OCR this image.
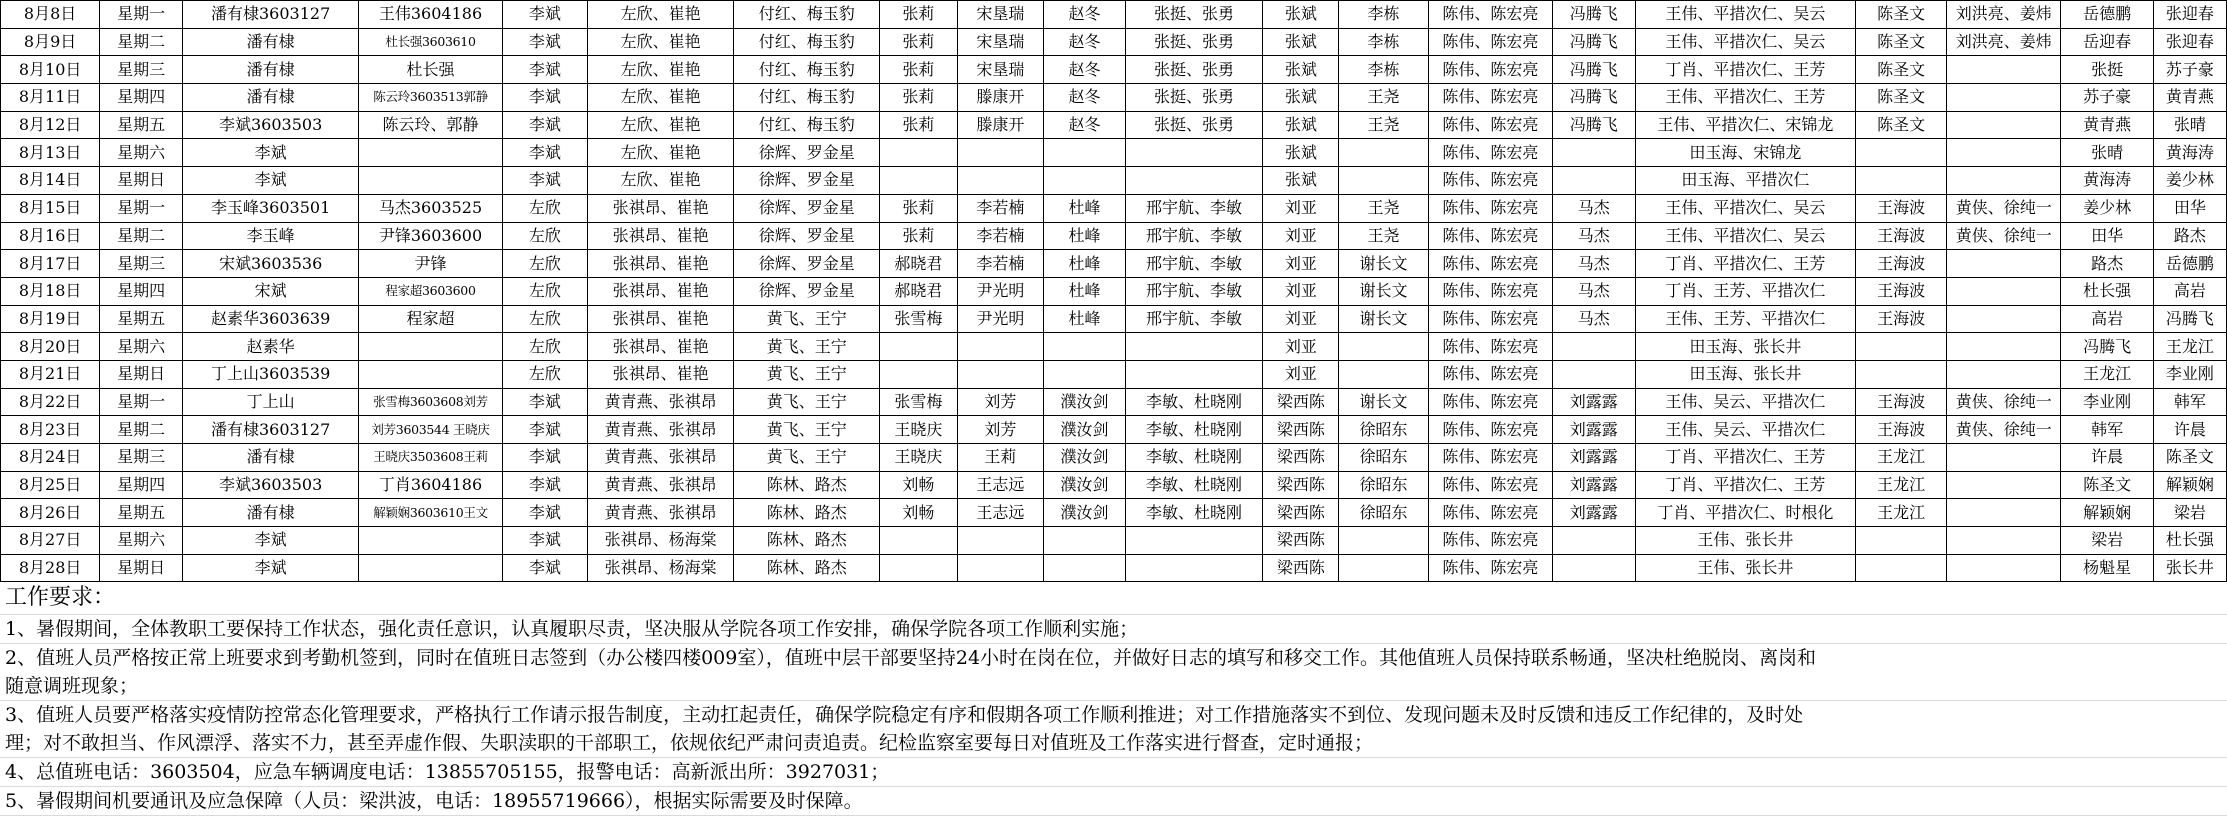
8月8日	星期一	潘有棣3603127	王伟3604186	李斌	左欣、崔艳	付红、梅玉豹	张莉	宋垦瑞	赵冬	张挺、张勇	张斌	李栋	陈伟、陈宏亮	冯腾飞	王伟、平措次仁、吴云	陈圣文	刘洪亮、姜炜	岳德鹏	张迎春
8月9日	星期二	潘有棣	杜长强3603610	李斌	左欣、崔艳	付红、梅玉豹	张莉	宋垦瑞	赵冬	张挺、张勇	张斌	李栋	陈伟、陈宏亮	冯腾飞	王伟、平措次仁、吴云	陈圣文	刘洪亮、姜炜	岳迎春	张迎春
8月10日	星期三	潘有棣	杜长强	李斌	左欣、崔艳	付红、梅玉豹	张莉	宋垦瑞	赵冬	张挺、张勇	张斌	李栋	陈伟、陈宏亮	冯腾飞	丁肖、平措次仁、王芳	陈圣文		张挺	苏子豪
8月11日	星期四	潘有棣	陈云玲3603513郭静	李斌	左欣、崔艳	付红、梅玉豹	张莉	滕康开	赵冬	张挺、张勇	张斌	王尧	陈伟、陈宏亮	冯腾飞	王伟、平措次仁、王芳	陈圣文		苏子豪	黄青燕
8月12日	星期五	李斌3603503	陈云玲、郭静	李斌	左欣、崔艳	付红、梅玉豹	张莉	滕康开	赵冬	张挺、张勇	张斌	王尧	陈伟、陈宏亮	冯腾飞	王伟、平措次仁、宋锦龙	陈圣文		黄青燕	张晴
8月13日	星期六	李斌		李斌	左欣、崔艳	徐辉、罗金星					张斌		陈伟、陈宏亮		田玉海、宋锦龙			张晴	黄海涛
8月14日	星期日	李斌		李斌	左欣、崔艳	徐辉、罗金星					张斌		陈伟、陈宏亮		田玉海、平措次仁			黄海涛	姜少林
8月15日	星期一	李玉峰3603501	马杰3603525	左欣	张祺昂、崔艳	徐辉、罗金星	张莉	李若楠	杜峰	邢宇航、李敏	刘亚	王尧	陈伟、陈宏亮	马杰	王伟、平措次仁、吴云	王海波	黄侠、徐纯一	姜少林	田华
8月16日	星期二	李玉峰	尹锋3603600	左欣	张祺昂、崔艳	徐辉、罗金星	张莉	李若楠	杜峰	邢宇航、李敏	刘亚	王尧	陈伟、陈宏亮	马杰	王伟、平措次仁、吴云	王海波	黄侠、徐纯一	田华	路杰
8月17日	星期三	宋斌3603536	尹锋	左欣	张祺昂、崔艳	徐辉、罗金星	郝晓君	李若楠	杜峰	邢宇航、李敏	刘亚	谢长文	陈伟、陈宏亮	马杰	丁肖、平措次仁、王芳	王海波		路杰	岳德鹏
8月18日	星期四	宋斌	程家超3603600	左欣	张祺昂、崔艳	徐辉、罗金星	郝晓君	尹光明	杜峰	邢宇航、李敏	刘亚	谢长文	陈伟、陈宏亮	马杰	丁肖、王芳、平措次仁	王海波		杜长强	高岩
8月19日	星期五	赵素华3603639	程家超	左欣	张祺昂、崔艳	黄飞、王宁	张雪梅	尹光明	杜峰	邢宇航、李敏	刘亚	谢长文	陈伟、陈宏亮	马杰	王伟、王芳、平措次仁	王海波		高岩	冯腾飞
8月20日	星期六	赵素华		左欣	张祺昂、崔艳	黄飞、王宁					刘亚		陈伟、陈宏亮		田玉海、张长井			冯腾飞	王龙江
8月21日	星期日	丁上山3603539		左欣	张祺昂、崔艳	黄飞、王宁					刘亚		陈伟、陈宏亮		田玉海、张长井			王龙江	李业刚
8月22日	星期一	丁上山	张雪梅3603608刘芳	李斌	黄青燕、张祺昂	黄飞、王宁	张雪梅	刘芳	濮汝剑	李敏、杜晓刚	梁西陈	谢长文	陈伟、陈宏亮	刘露露	王伟、吴云、平措次仁	王海波	黄侠、徐纯一	李业刚	韩军
8月23日	星期二	潘有棣3603127	刘芳3603544 王晓庆	李斌	黄青燕、张祺昂	黄飞、王宁	王晓庆	刘芳	濮汝剑	李敏、杜晓刚	梁西陈	徐昭东	陈伟、陈宏亮	刘露露	王伟、吴云、平措次仁	王海波	黄侠、徐纯一	韩军	许晨
8月24日	星期三	潘有棣	王晓庆3503608王莉	李斌	黄青燕、张祺昂	黄飞、王宁	王晓庆	王莉	濮汝剑	李敏、杜晓刚	梁西陈	徐昭东	陈伟、陈宏亮	刘露露	丁肖、平措次仁、王芳	王龙江		许晨	陈圣文
8月25日	星期四	李斌3603503	丁肖3604186	李斌	黄青燕、张祺昂	陈林、路杰	刘畅	王志远	濮汝剑	李敏、杜晓刚	梁西陈	徐昭东	陈伟、陈宏亮	刘露露	丁肖、平措次仁、王芳	王龙江		陈圣文	解颖娴
8月26日	星期五	潘有棣	解颖娴3603610王文	李斌	黄青燕、张祺昂	陈林、路杰	刘畅	王志远	濮汝剑	李敏、杜晓刚	梁西陈	徐昭东	陈伟、陈宏亮	刘露露	丁肖、平措次仁、时根化	王龙江		解颖娴	梁岩
8月27日	星期六	李斌		李斌	张祺昂、杨海棠	陈林、路杰					梁西陈		陈伟、陈宏亮		王伟、张长井			梁岩	杜长强
8月28日	星期日	李斌		李斌	张祺昂、杨海棠	陈林、路杰					梁西陈		陈伟、陈宏亮		王伟、张长井			杨魁星	张长井
工作要求：
1、暑假期间，全体教职工要保持工作状态，强化责任意识，认真履职尽责，坚决服从学院各项工作安排，确保学院各项工作顺利实施；
2、值班人员严格按正常上班要求到考勤机签到，同时在值班日志签到（办公楼四楼009室），值班中层干部要坚持24小时在岗在位，并做好日志的填写和移交工作。其他值班人员保持联系畅通，坚决杜绝脱岗、离岗和随意调班现象；
3、值班人员要严格落实疫情防控常态化管理要求，严格执行工作请示报告制度，主动扛起责任，确保学院稳定有序和假期各项工作顺利推进；对工作措施落实不到位、发现问题未及时反馈和违反工作纪律的，及时处理；对不敢担当、作风漂浮、落实不力，甚至弄虚作假、失职渎职的干部职工，依规依纪严肃问责追责。纪检监察室要每日对值班及工作落实进行督查，定时通报；
4、总值班电话：3603504，应急车辆调度电话：13855705155，报警电话：高新派出所：3927031；
5、暑假期间机要通讯及应急保障（人员：梁洪波，电话：18955719666），根据实际需要及时保障。
